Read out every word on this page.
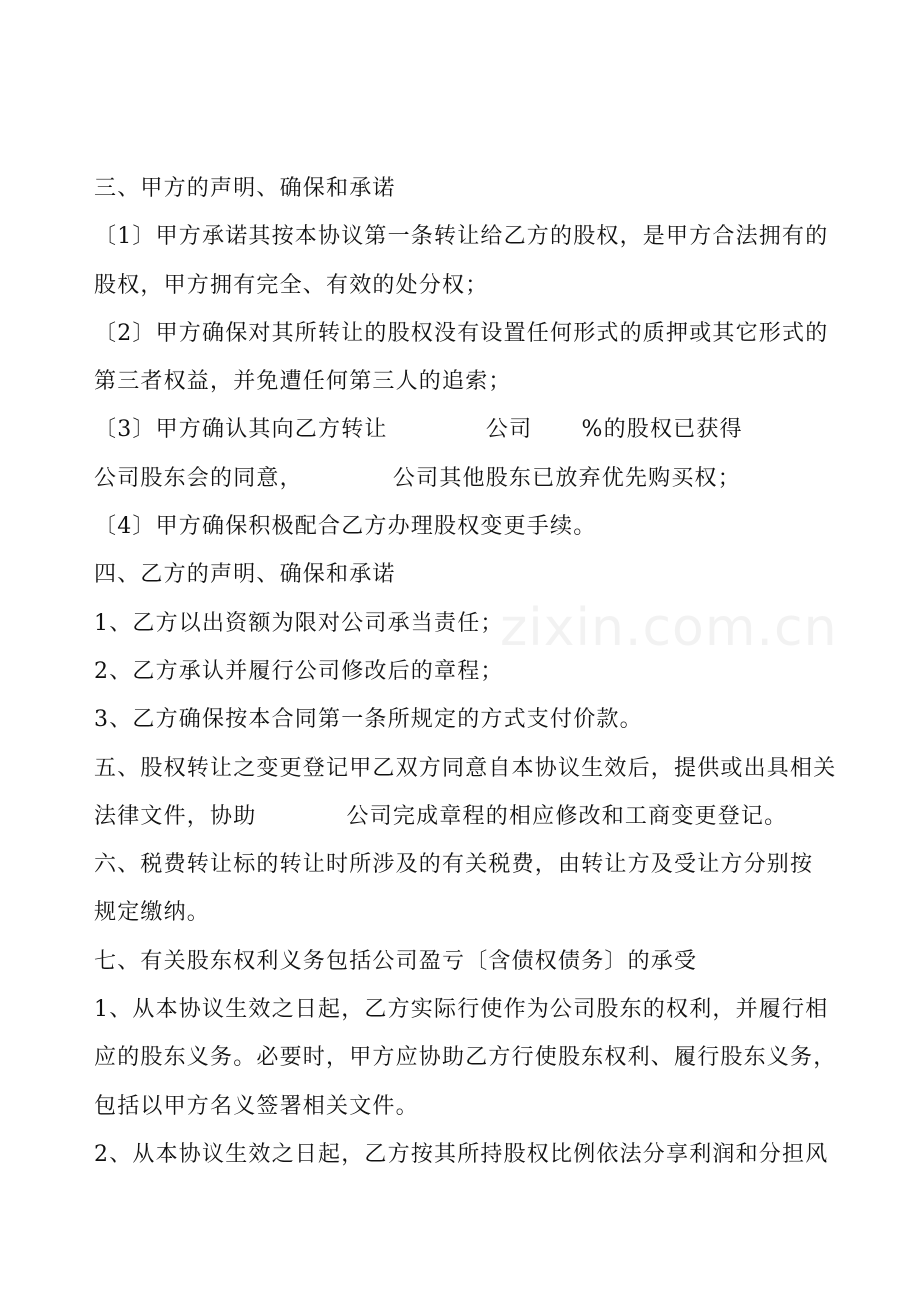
三、甲方的声明、确保和承诺
〔1〕甲方承诺其按本协议第一条转让给乙方的股权，是甲方合法拥有的
股权，甲方拥有完全、有效的处分权；
〔2〕甲方确保对其所转让的股权没有设置任何形式的质押或其它形式的
第三者权益，并免遭任何第三人的追索；
〔3〕甲方确认其向乙方转让            公司      %的股权已获得
公司股东会的同意，           公司其他股东已放弃优先购买权；
〔4〕甲方确保积极配合乙方办理股权变更手续。
四、乙方的声明、确保和承诺
1、乙方以出资额为限对公司承当责任；
2、乙方承认并履行公司修改后的章程；
3、乙方确保按本合同第一条所规定的方式支付价款。
五、股权转让之变更登记甲乙双方同意自本协议生效后，提供或出具相关
法律文件，协助           公司完成章程的相应修改和工商变更登记。
六、税费转让标的转让时所涉及的有关税费，由转让方及受让方分别按
规定缴纳。
七、有关股东权利义务包括公司盈亏〔含债权债务〕的承受
1、从本协议生效之日起，乙方实际行使作为公司股东的权利，并履行相
应的股东义务。必要时，甲方应协助乙方行使股东权利、履行股东义务，
包括以甲方名义签署相关文件。
2、从本协议生效之日起，乙方按其所持股权比例依法分享利润和分担风
zixin.com.cn
